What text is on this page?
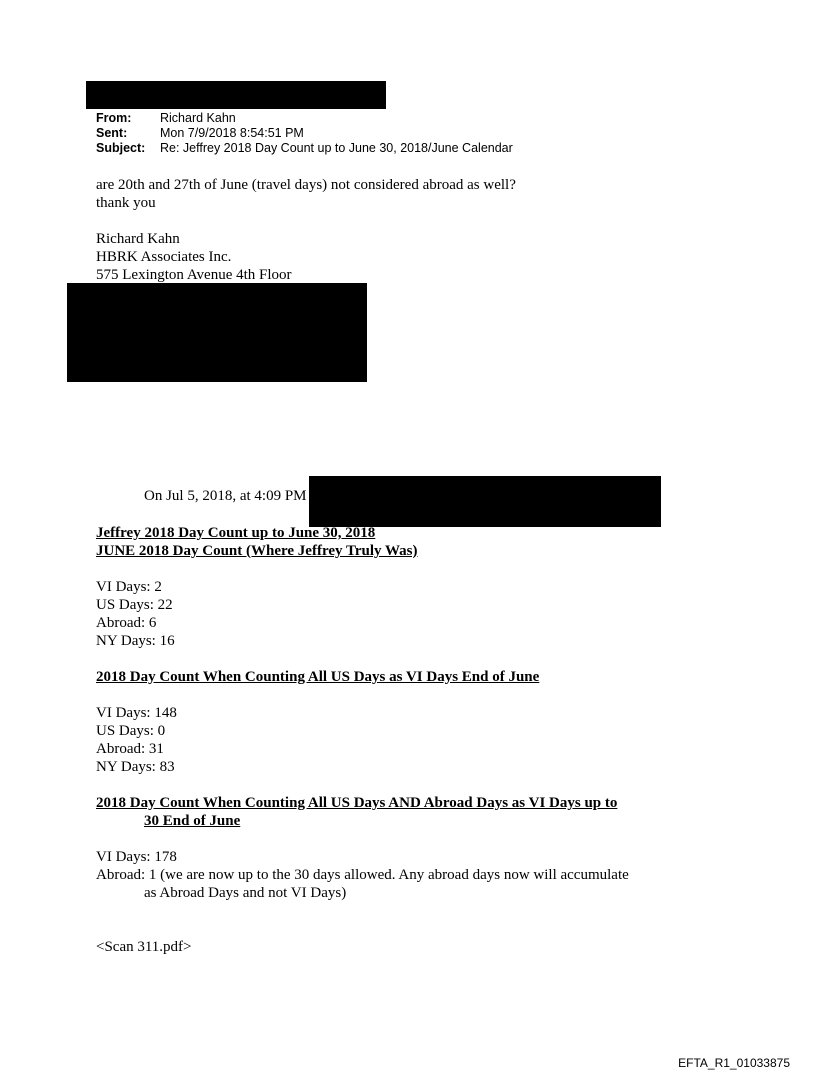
From: Richard Kahn
Sent:	Mon 7/9/2018 8:54:51 PM
Subject: Re: Jeffrey 2018 Day Count up to June 30, 2018/June Calendar
are 20th and 27th of June (travel days) not considered abroad as well?
thank you
Richard Kahn
HBRK Associates Inc.
575 Lexington Avenue 4th Floor
On Jul 5, 2018, at 4:09 PM
Jeffrey 2018 Day Count up to June 30, 2018
JUNE 2018 Day Count (Where Jeffrey Truly Was)
VI Days: 2
US Days: 22
Abroad: 6
NY Days: 16
2018 Day Count When Counting All US Days as VI Days End of June
VI Days: 148
US Days: 0
Abroad: 31
NY Days: 83
2018 Day Count When Counting All US Days AND Abroad Days as VI Days up to
30 End of June
VI Days: 178
Abroad: 1 (we are now up to the 30 days allowed. Any abroad days now will accumulate
as Abroad Days and not VI Days)
<Scan 311.pdf>
EFTA_R1_01033875
